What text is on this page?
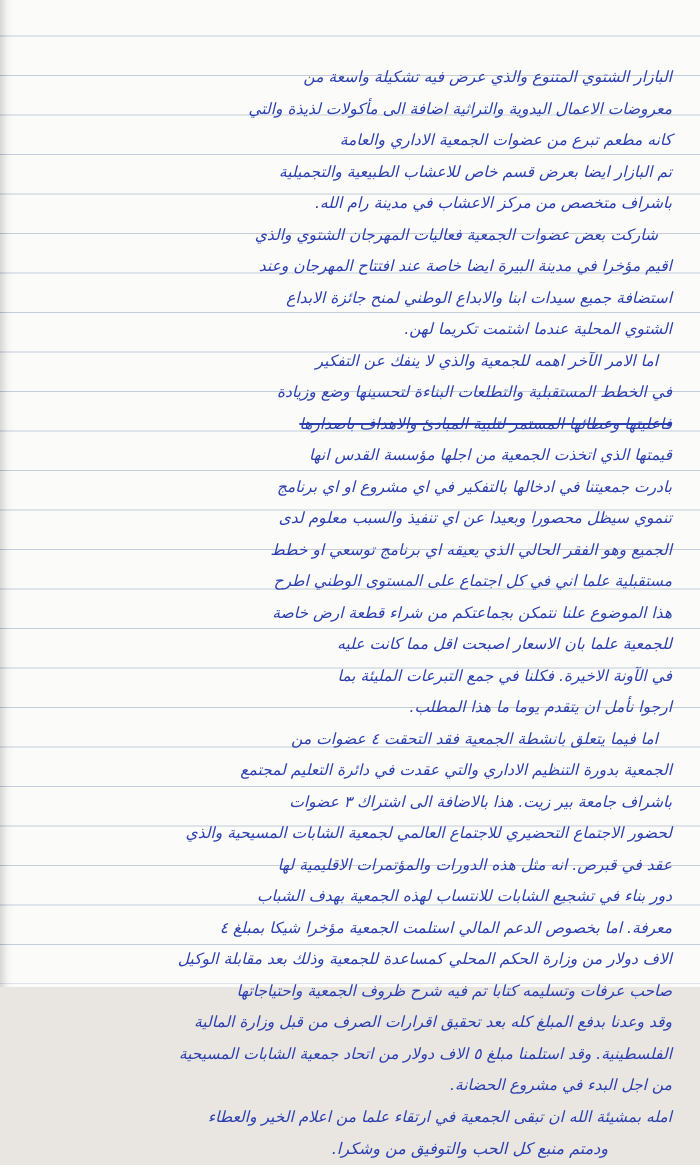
البازار الشتوي المتنوع والذي عرض فيه تشكيلة واسعة من
معروضات الاعمال اليدوية والتراثية اضافة الى مأكولات لذيذة والتي
كانه مطعم تبرع من عضوات الجمعية الاداري والعامة
تم البازار ايضا بعرض قسم خاص للاعشاب الطبيعية والتجميلية
باشراف متخصص من مركز الاعشاب في مدينة رام الله.
شاركت بعض عضوات الجمعية فعاليات المهرجان الشتوي والذي
اقيم مؤخرا في مدينة البيرة ايضا خاصة عند افتتاح المهرجان وعند
استضافة جميع سيدات ابنا والابداع الوطني لمنح جائزة الابداع
الشتوي المحلية عندما اشتمت تكريما لهن.
اما الامر الآخر اهمه للجمعية والذي لا ينفك عن التفكير
في الخطط المستقبلية والتطلعات البناءة لتحسينها وضع وزيادة
فاعليتها وعطائها المستمر لتلبية المبادئ والاهداف باصدارها
قيمتها الذي اتخذت الجمعية من اجلها مؤسسة القدس انها
بادرت جمعيتنا في ادخالها بالتفكير في اي مشروع او اي برنامج
تنموي سيظل محصورا وبعيدا عن اي تنفيذ والسبب معلوم لدى
الجميع وهو الفقر الحالي الذي يعيقه اي برنامج توسعي او خطط
مستقبلية علما اني في كل اجتماع على المستوى الوطني اطرح
هذا الموضوع علنا نتمكن بجماعتكم من شراء قطعة ارض خاصة
للجمعية علما بان الاسعار اصبحت اقل مما كانت عليه
في الآونة الاخيرة. فكلنا في جمع التبرعات المليئة بما
ارجوا نأمل ان يتقدم يوما ما هذا المطلب.
اما فيما يتعلق بانشطة الجمعية فقد التحقت ٤ عضوات من
الجمعية بدورة التنظيم الاداري والتي عقدت في دائرة التعليم لمجتمع
باشراف جامعة بير زيت. هذا بالاضافة الى اشتراك ٣ عضوات
لحضور الاجتماع التحضيري للاجتماع العالمي لجمعية الشابات المسيحية والذي
عقد في قبرص. انه مثل هذه الدورات والمؤتمرات الاقليمية لها
دور بناء في تشجيع الشابات للانتساب لهذه الجمعية بهدف الشباب
معرفة. اما بخصوص الدعم المالي استلمت الجمعية مؤخرا شيكا بمبلغ ٤
الاف دولار من وزارة الحكم المحلي كمساعدة للجمعية وذلك بعد مقابلة الوكيل
صاحب عرفات وتسليمه كتابا تم فيه شرح ظروف الجمعية واحتياجاتها
وقد وعدنا بدفع المبلغ كله بعد تحقيق اقرارات الصرف من قبل وزارة المالية
الفلسطينية. وقد استلمنا مبلغ ٥ الاف دولار من اتحاد جمعية الشابات المسيحية
من اجل البدء في مشروع الحضانة.
امله بمشيئة الله ان تبقى الجمعية في ارتقاء علما من اعلام الخير والعطاء
ودمتم منبع كل الحب والتوفيق من وشكرا.
